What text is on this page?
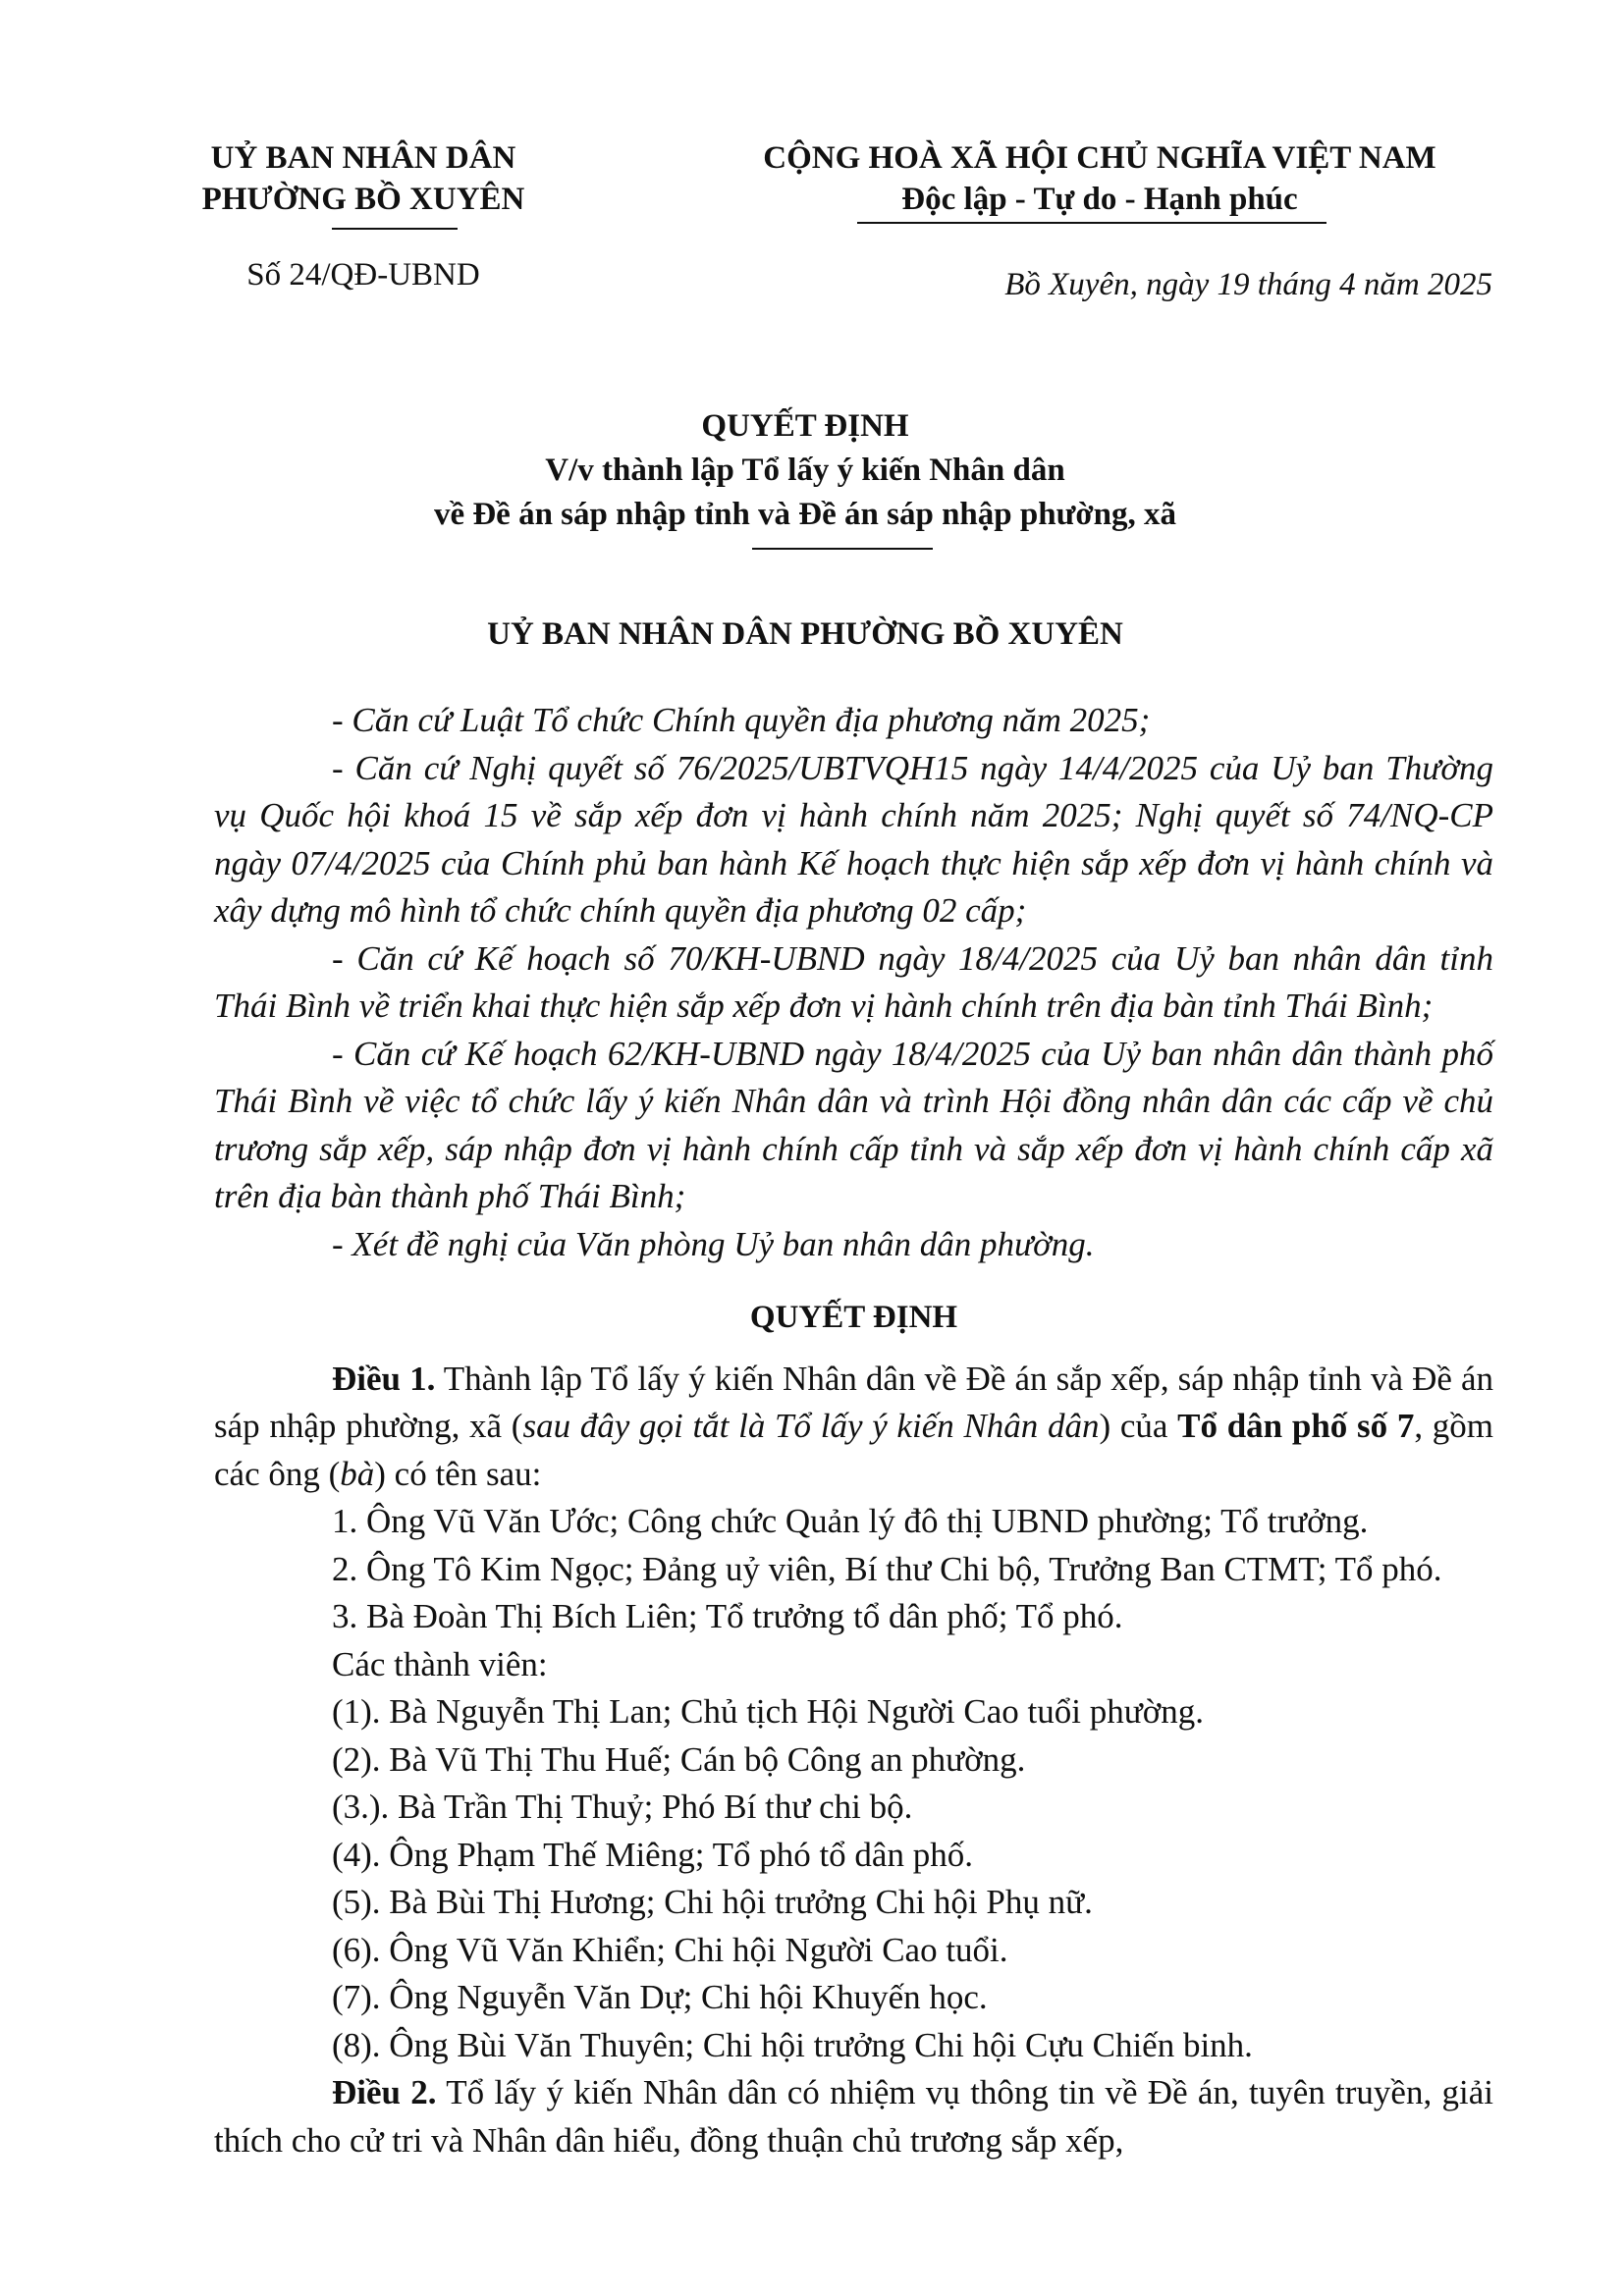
UỶ BAN NHÂN DÂN
PHƯỜNG BỒ XUYÊN
CỘNG HOÀ XÃ HỘI CHỦ NGHĨA VIỆT NAM
Độc lập - Tự do - Hạnh phúc
Số 24/QĐ-UBND	Bồ Xuyên, ngày 19 tháng 4 năm 2025
QUYẾT ĐỊNH
V/v thành lập Tổ lấy ý kiến Nhân dân
về Đề án sáp nhập tỉnh và Đề án sáp nhập phường, xã
UỶ BAN NHÂN DÂN PHƯỜNG BỒ XUYÊN

- Căn cứ Luật Tổ chức Chính quyền địa phương năm 2025;

- Căn cứ Nghị quyết số 76/2025/UBTVQH15 ngày 14/4/2025 của Uỷ ban Thường vụ Quốc hội khoá 15 về sắp xếp đơn vị hành chính năm 2025; Nghị quyết số 74/NQ-CP ngày 07/4/2025 của Chính phủ ban hành Kế hoạch thực hiện sắp xếp đơn vị hành chính và xây dựng mô hình tổ chức chính quyền địa phương 02 cấp;

- Căn cứ Kế hoạch số 70/KH-UBND ngày 18/4/2025 của Uỷ ban nhân dân tỉnh Thái Bình về triển khai thực hiện sắp xếp đơn vị hành chính trên địa bàn tỉnh Thái Bình;

- Căn cứ Kế hoạch 62/KH-UBND ngày 18/4/2025 của Uỷ ban nhân dân thành phố Thái Bình về việc tổ chức lấy ý kiến Nhân dân và trình Hội đồng nhân dân các cấp về chủ trương sắp xếp, sáp nhập đơn vị hành chính cấp tỉnh và sắp xếp đơn vị hành chính cấp xã trên địa bàn thành phố Thái Bình;

- Xét đề nghị của Văn phòng Uỷ ban nhân dân phường.

QUYẾT ĐỊNH

Điều 1. Thành lập Tổ lấy ý kiến Nhân dân về Đề án sắp xếp, sáp nhập tỉnh và Đề án sáp nhập phường, xã (sau đây gọi tắt là Tổ lấy ý kiến Nhân dân) của Tổ dân phố số 7, gồm các ông (bà) có tên sau:

1. Ông Vũ Văn Ước; Công chức Quản lý đô thị UBND phường; Tổ trưởng.

2. Ông Tô Kim Ngọc; Đảng uỷ viên, Bí thư Chi bộ, Trưởng Ban CTMT; Tổ phó.

3. Bà Đoàn Thị Bích Liên; Tổ trưởng tổ dân phố; Tổ phó.

Các thành viên:

(1). Bà Nguyễn Thị Lan; Chủ tịch Hội Người Cao tuổi phường.

(2). Bà Vũ Thị Thu Huế; Cán bộ Công an phường.

(3.). Bà Trần Thị Thuỷ; Phó Bí thư chi bộ.

(4). Ông Phạm Thế Miêng; Tổ phó tổ dân phố.

(5). Bà Bùi Thị Hương; Chi hội trưởng Chi hội Phụ nữ.

(6). Ông Vũ Văn Khiển; Chi hội Người Cao tuổi.

(7). Ông Nguyễn Văn Dự; Chi hội Khuyến học.

(8). Ông Bùi Văn Thuyên; Chi hội trưởng Chi hội Cựu Chiến binh.

Điều 2. Tổ lấy ý kiến Nhân dân có nhiệm vụ thông tin về Đề án, tuyên truyền, giải thích cho cử tri và Nhân dân hiểu, đồng thuận chủ trương sắp xếp,
